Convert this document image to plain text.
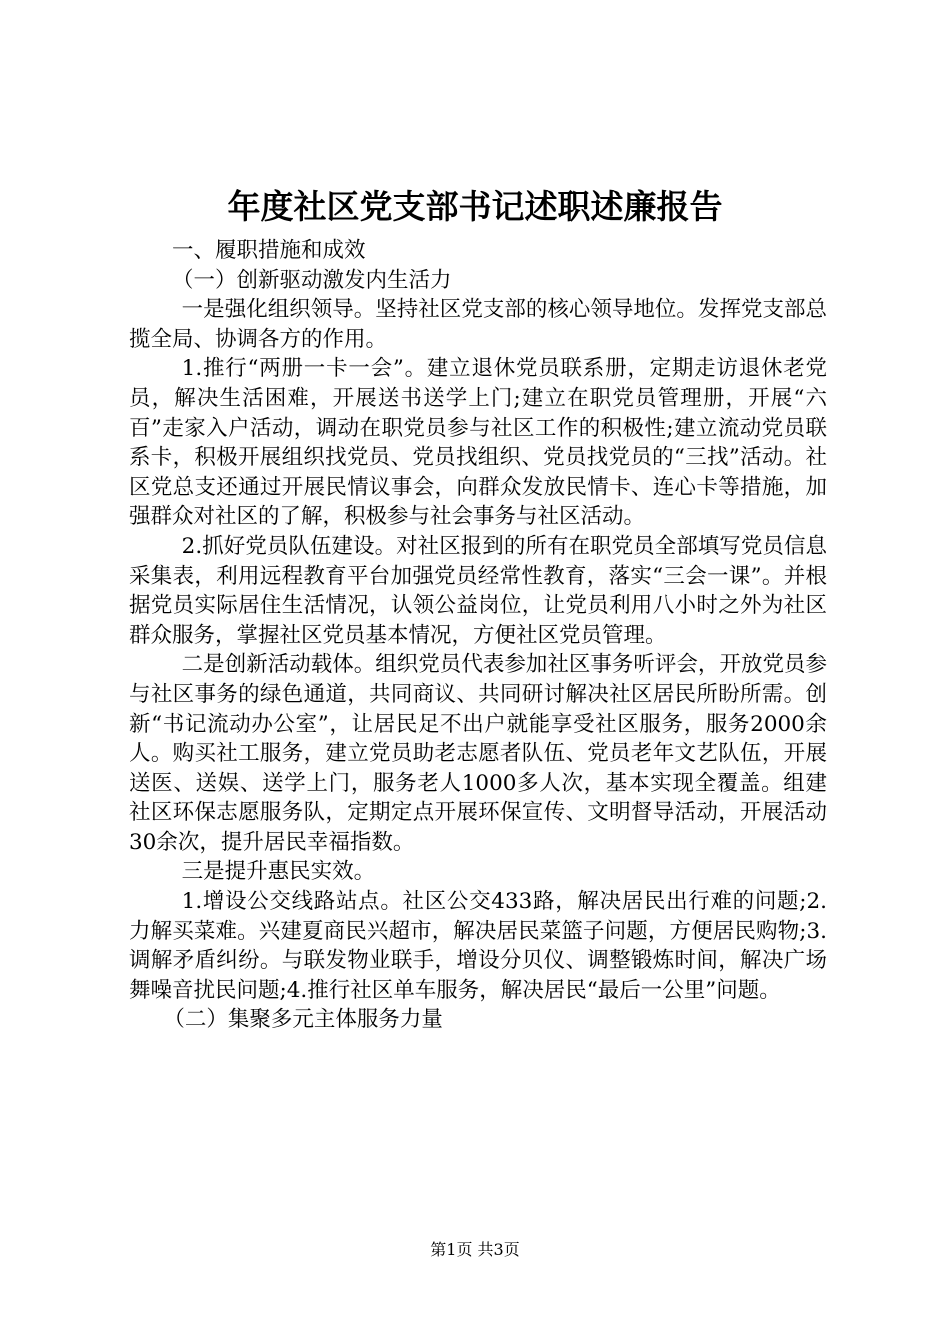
年度社区党支部书记述职述廉报告

一、履职措施和成效

（一）创新驱动激发内生活力

一是强化组织领导。坚持社区党支部的核心领导地位。发挥党支部总揽全局、协调各方的作用。

1.推行“两册一卡一会”。建立退休党员联系册，定期走访退休老党员，解决生活困难，开展送书送学上门;建立在职党员管理册，开展“六百”走家入户活动，调动在职党员参与社区工作的积极性;建立流动党员联系卡，积极开展组织找党员、党员找组织、党员找党员的“三找”活动。社区党总支还通过开展民情议事会，向群众发放民情卡、连心卡等措施，加强群众对社区的了解，积极参与社会事务与社区活动。

2.抓好党员队伍建设。对社区报到的所有在职党员全部填写党员信息采集表，利用远程教育平台加强党员经常性教育，落实“三会一课”。并根据党员实际居住生活情况，认领公益岗位，让党员利用八小时之外为社区群众服务，掌握社区党员基本情况，方便社区党员管理。

二是创新活动载体。组织党员代表参加社区事务听评会，开放党员参与社区事务的绿色通道，共同商议、共同研讨解决社区居民所盼所需。创新“书记流动办公室”，让居民足不出户就能享受社区服务，服务2000余人。购买社工服务，建立党员助老志愿者队伍、党员老年文艺队伍，开展送医、送娱、送学上门，服务老人1000多人次，基本实现全覆盖。组建社区环保志愿服务队，定期定点开展环保宣传、文明督导活动，开展活动30余次，提升居民幸福指数。

三是提升惠民实效。

1.增设公交线路站点。社区公交433路，解决居民出行难的问题;2.力解买菜难。兴建夏商民兴超市，解决居民菜篮子问题，方便居民购物;3.调解矛盾纠纷。与联发物业联手，增设分贝仪、调整锻炼时间，解决广场舞噪音扰民问题;4.推行社区单车服务，解决居民“最后一公里”问题。

（二）集聚多元主体服务力量

第1页 共3页
